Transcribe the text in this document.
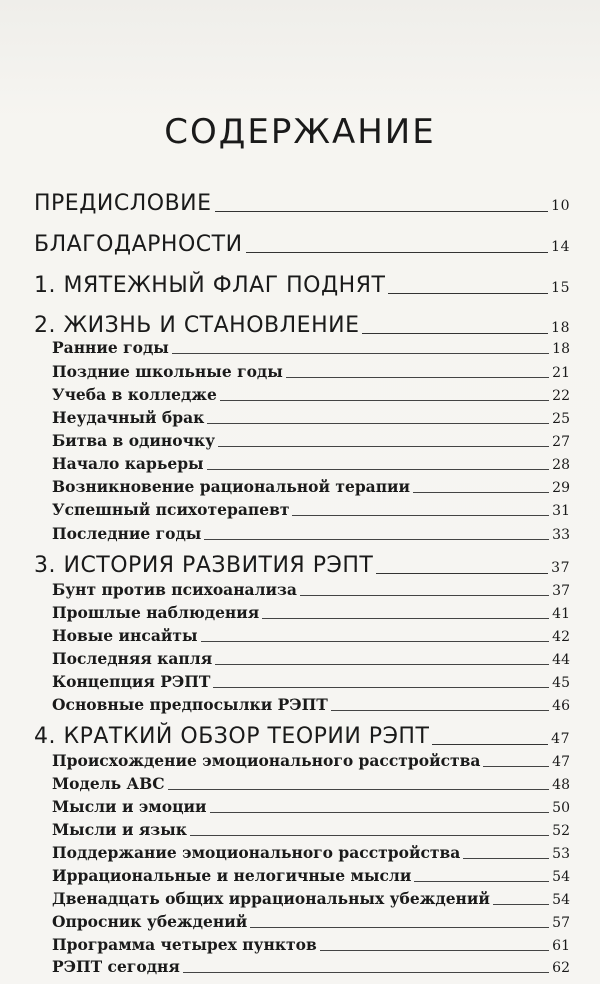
СОДЕРЖАНИЕ
ПРЕДИСЛОВИЕ	10
БЛАГОДАРНОСТИ	14
1. МЯТЕЖНЫЙ ФЛАГ ПОДНЯТ	15
2. ЖИЗНЬ И СТАНОВЛЕНИЕ	18
Ранние годы	18
Поздние школьные годы	21
Учеба в колледже	22
Неудачный брак	25
Битва в одиночку	27
Начало карьеры	28
Возникновение рациональной терапии	29
Успешный психотерапевт	31
Последние годы	33
3. ИСТОРИЯ РАЗВИТИЯ РЭПТ	37
Бунт против психоанализа	37
Прошлые наблюдения	41
Новые инсайты	42
Последняя капля	44
Концепция РЭПТ	45
Основные предпосылки РЭПТ	46
4. КРАТКИЙ ОБЗОР ТЕОРИИ РЭПТ	47
Происхождение эмоционального расстройства	47
Модель АВС	48
Мысли и эмоции	50
Мысли и язык	52
Поддержание эмоционального расстройства	53
Иррациональные и нелогичные мысли	54
Двенадцать общих иррациональных убеждений	54
Опросник убеждений	57
Программа четырех пунктов	61
РЭПТ сегодня	62
